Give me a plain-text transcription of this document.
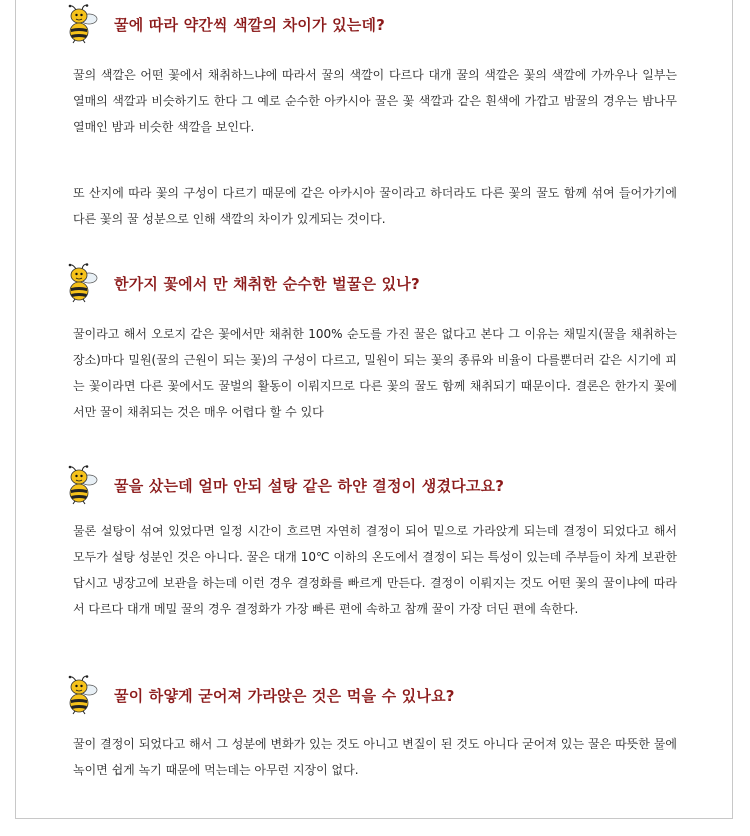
꿀에 따라 약간씩 색깔의 차이가 있는데?

꿀의 색깔은 어떤 꽃에서 채취하느냐에 따라서 꿀의 색깔이 다르다 대개 꿀의 색깔은 꽃의 색깔에 가까우나 일부는 열매의 색깔과 비슷하기도 한다 그 예로 순수한 아카시아 꿀은 꽃 색깔과 같은 흰색에 가깝고 밤꿀의 경우는 밤나무 열매인 밤과 비슷한 색깔을 보인다.

또 산지에 따라 꽃의 구성이 다르기 때문에 같은 아카시아 꿀이라고 하더라도 다른 꽃의 꿀도 함께 섞여 들어가기에 다른 꽃의 꿀 성분으로 인해 색깔의 차이가 있게되는 것이다.

한가지 꽃에서 만 채취한 순수한 벌꿀은 있나?

꿀이라고 해서 오로지 같은 꽃에서만 채취한 100% 순도를 가진 꿀은 없다고 본다 그 이유는 채밀지(꿀을 채취하는 장소)마다 밀원(꿀의 근원이 되는 꽃)의 구성이 다르고, 밀원이 되는 꽃의 종류와 비율이 다를뿐더러 같은 시기에 피는 꽃이라면 다른 꽃에서도 꿀벌의 활동이 이뤄지므로 다른 꽃의 꿀도 함께 채취되기 때문이다. 결론은 한가지 꽃에서만 꿀이 채취되는 것은 매우 어렵다 할 수 있다

꿀을 샀는데 얼마 안되 설탕 같은 하얀 결정이 생겼다고요?

물론 설탕이 섞여 있었다면 일정 시간이 흐르면 자연히 결정이 되어 밑으로 가라앉게 되는데 결정이 되었다고 해서 모두가 설탕 성분인 것은 아니다. 꿀은 대개 10℃ 이하의 온도에서 결정이 되는 특성이 있는데 주부들이 차게 보관한답시고 냉장고에 보관을 하는데 이런 경우 결정화를 빠르게 만든다. 결정이 이뤄지는 것도 어떤 꽃의 꿀이냐에 따라서 다르다 대개 메밀 꿀의 경우 결정화가 가장 빠른 편에 속하고 참깨 꿀이 가장 더딘 편에 속한다.

꿀이 하얗게 굳어져 가라앉은 것은 먹을 수 있나요?

꿀이 결정이 되었다고 해서 그 성분에 변화가 있는 것도 아니고 변질이 된 것도 아니다 굳어져 있는 꿀은 따뜻한 물에 녹이면 쉽게 녹기 때문에 먹는데는 아무런 지장이 없다.
